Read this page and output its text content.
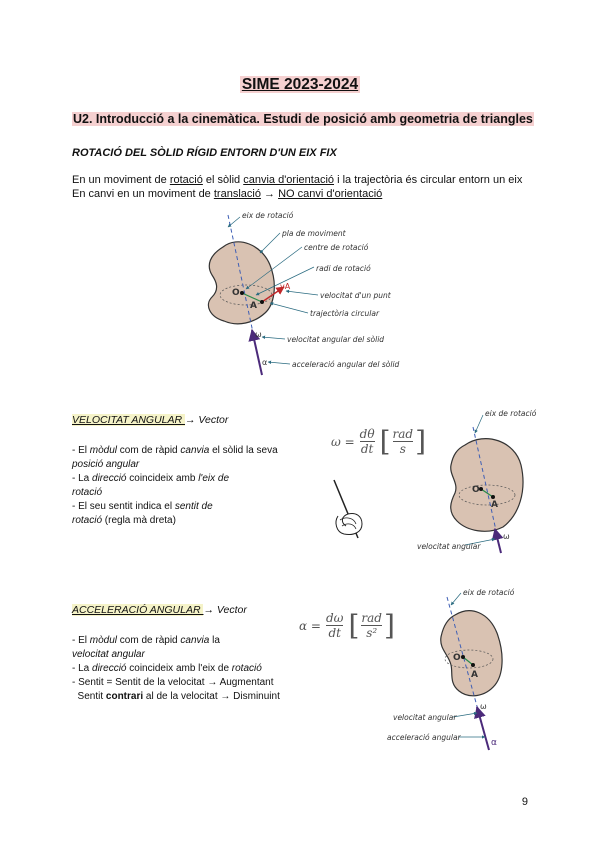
SIME 2023-2024
U2. Introducció a la cinemàtica. Estudi de posició amb geometria de triangles
ROTACIÓ DEL SÒLID RÍGID ENTORN D'UN EIX FIX
En un moviment de rotació el sòlid canvia d'orientació i la trajectòria és circular entorn un eix
En canvi en un moviment de translació → NO canvi d'orientació
O
A
vA
ω
α
eix de rotació
pla de moviment
centre de rotació
radi de rotació
velocitat d'un punt
trajectòria circular
velocitat angular del sòlid
acceleració angular del sòlid
VELOCITAT ANGULAR → Vector
- El mòdul com de ràpid canvia el sòlid la seva
posició angular
- La direcció coincideix amb l'eix de
rotació
- El seu sentit indica el sentit de
rotació (regla mà dreta)
ω =	
dθ
dt	[	rad
s	]
O
A
ω
eix de rotació
velocitat angular
ACCELERACIÓ ANGULAR → Vector
- El mòdul com de ràpid canvia la
velocitat angular
- La direcció coincideix amb l'eix de rotació
- Sentit = Sentit de la velocitat → Augmentant
Sentit contrari al de la velocitat → Disminuint
α =	
dω
dt	[	rad
s²	]
O
A
ω
α
eix de rotació
velocitat angular
acceleració angular
9
